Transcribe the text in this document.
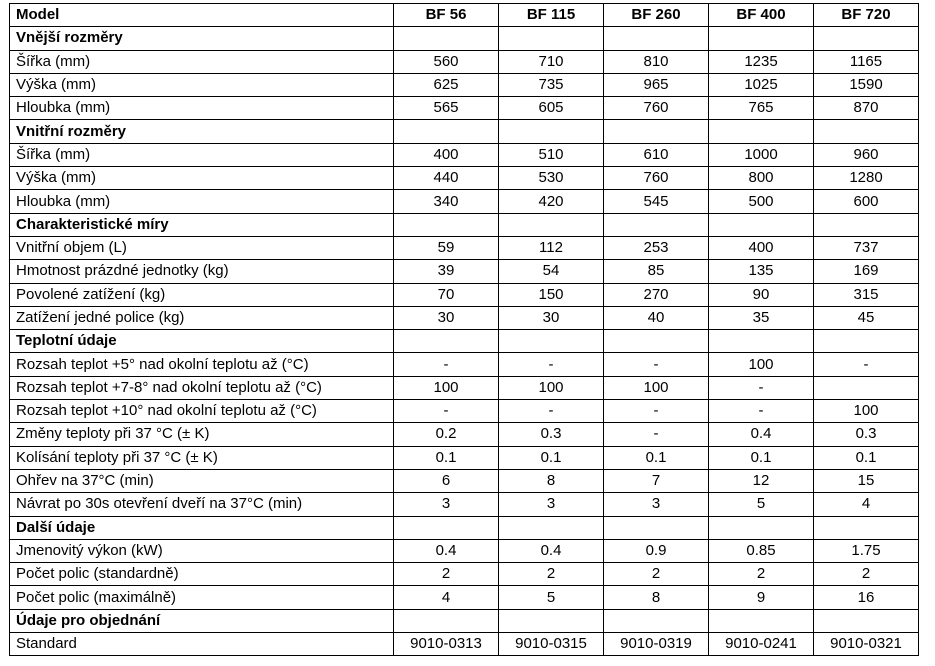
Model	BF 56	BF 115	BF 260	BF 400	BF 720
Vnější rozměry					
Šířka (mm)	560	710	810	1235	1165
Výška (mm)	625	735	965	1025	1590
Hloubka (mm)	565	605	760	765	870
Vnitřní rozměry					
Šířka (mm)	400	510	610	1000	960
Výška (mm)	440	530	760	800	1280
Hloubka (mm)	340	420	545	500	600
Charakteristické míry					
Vnitřní objem (L)	59	112	253	400	737
Hmotnost prázdné jednotky (kg)	39	54	85	135	169
Povolené zatížení (kg)	70	150	270	90	315
Zatížení jedné police (kg)	30	30	40	35	45
Teplotní údaje					
Rozsah teplot +5° nad okolní teplotu až (°C)	-	-	-	100	-
Rozsah teplot +7-8° nad okolní teplotu až (°C)	100	100	100	-	
Rozsah teplot +10° nad okolní teplotu až (°C)	-	-	-	-	100
Změny teploty při 37 °C (± K)	0.2	0.3	-	0.4	0.3
Kolísání teploty při 37 °C (± K)	0.1	0.1	0.1	0.1	0.1
Ohřev na 37°C (min)	6	8	7	12	15
Návrat po 30s otevření dveří na 37°C (min)	3	3	3	5	4
Další údaje					
Jmenovitý výkon (kW)	0.4	0.4	0.9	0.85	1.75
Počet polic (standardně)	2	2	2	2	2
Počet polic (maximálně)	4	5	8	9	16
Údaje pro objednání					
Standard	9010-0313	9010-0315	9010-0319	9010-0241	9010-0321
